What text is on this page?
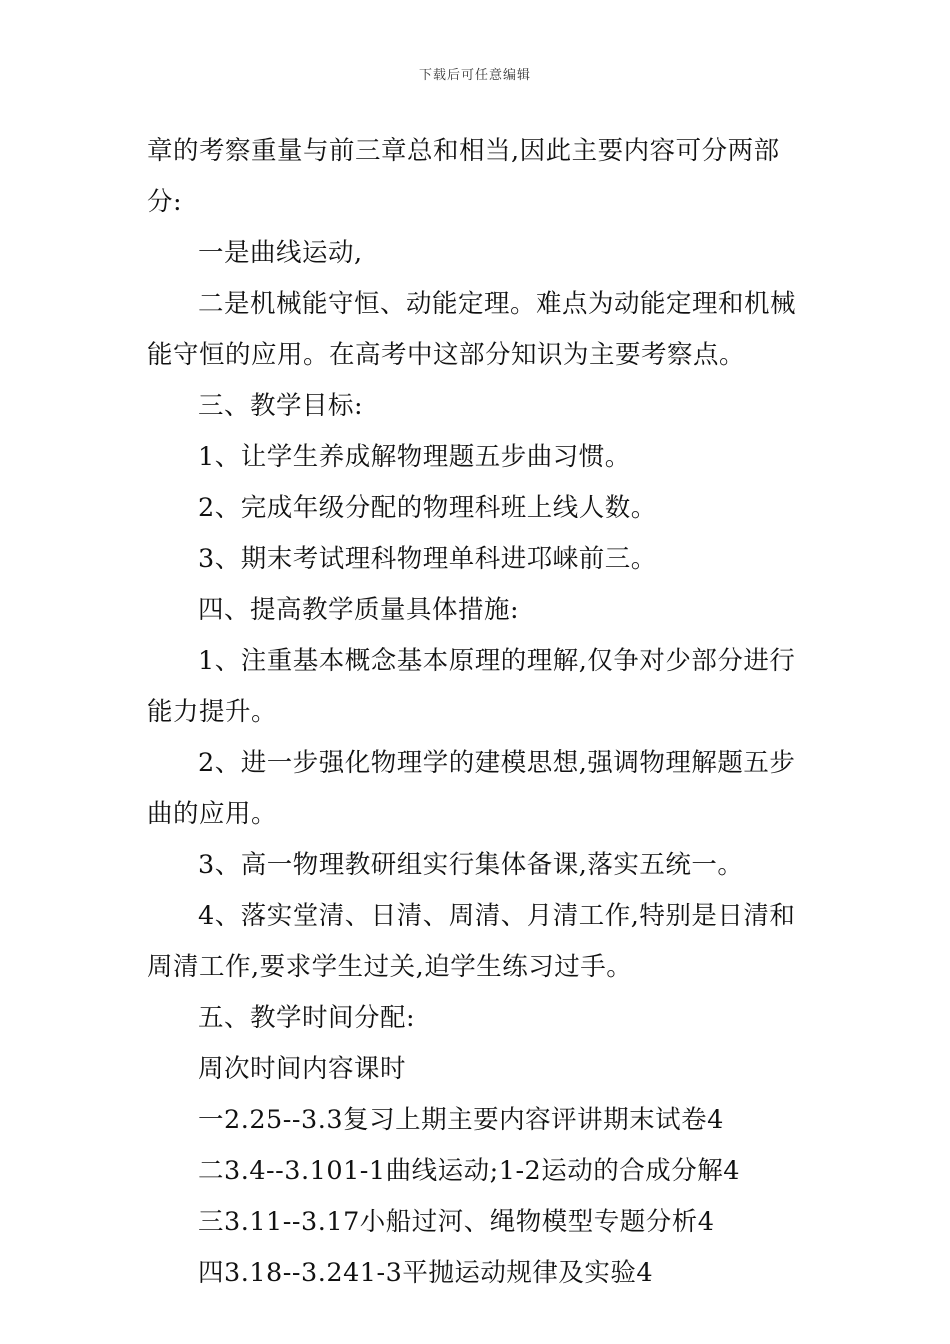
下载后可任意编辑

章的考察重量与前三章总和相当,因此主要内容可分两部分:

一是曲线运动,

二是机械能守恒、动能定理。难点为动能定理和机械能守恒的应用。在高考中这部分知识为主要考察点。

三、教学目标:

1、让学生养成解物理题五步曲习惯。

2、完成年级分配的物理科班上线人数。

3、期末考试理科物理单科进邛崃前三。

四、提高教学质量具体措施:

1、注重基本概念基本原理的理解,仅争对少部分进行能力提升。

2、进一步强化物理学的建模思想,强调物理解题五步曲的应用。

3、高一物理教研组实行集体备课,落实五统一。

4、落实堂清、日清、周清、月清工作,特别是日清和周清工作,要求学生过关,迫学生练习过手。

五、教学时间分配:

周次时间内容课时

一2.25--3.3复习上期主要内容评讲期末试卷4

二3.4--3.101-1曲线运动;1-2运动的合成分解4

三3.11--3.17小船过河、绳物模型专题分析4

四3.18--3.241-3平抛运动规律及实验4
